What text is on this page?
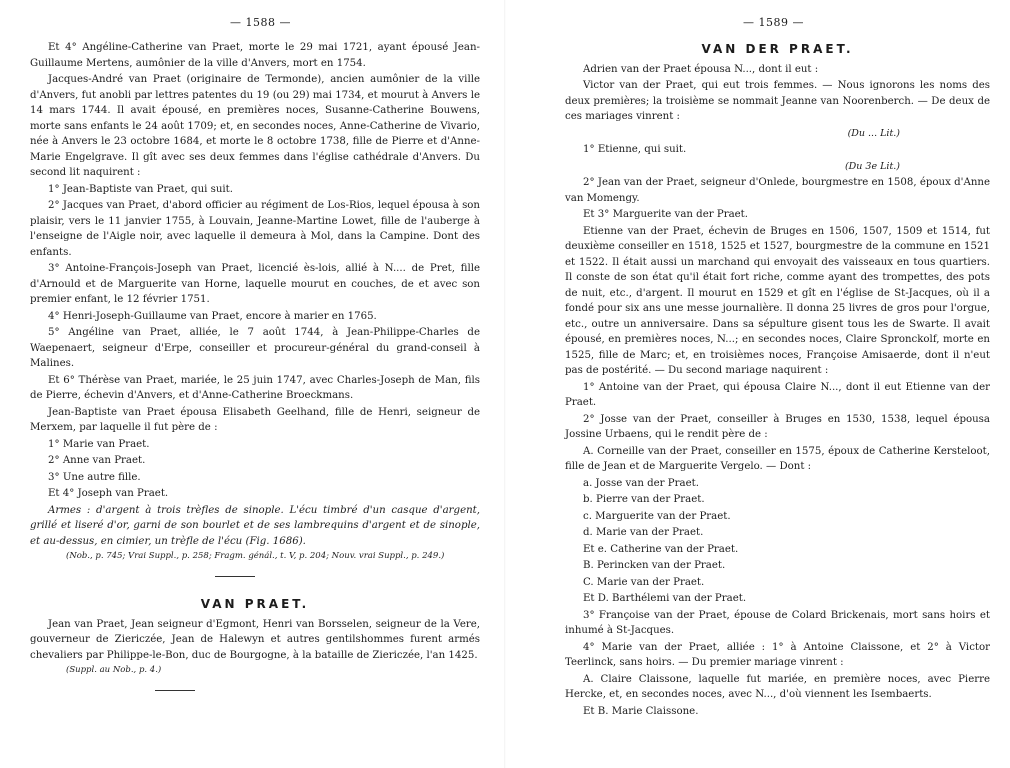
— 1588 —

Et 4° Angéline-Catherine van Praet, morte le 29 mai 1721, ayant épousé Jean-Guillaume Mertens, aumônier de la ville d'Anvers, mort en 1754.

Jacques-André van Praet (originaire de Termonde), ancien aumônier de la ville d'Anvers, fut anobli par lettres patentes du 19 (ou 29) mai 1734, et mourut à Anvers le 14 mars 1744. Il avait épousé, en premières noces, Susanne-Catherine Bouwens, morte sans enfants le 24 août 1709; et, en secondes noces, Anne-Catherine de Vivario, née à Anvers le 23 octobre 1684, et morte le 8 octobre 1738, fille de Pierre et d'Anne-Marie Engelgrave. Il gît avec ses deux femmes dans l'église cathédrale d'Anvers. Du second lit naquirent :

1° Jean-Baptiste van Praet, qui suit.

2° Jacques van Praet, d'abord officier au régiment de Los-Rios, lequel épousa à son plaisir, vers le 11 janvier 1755, à Louvain, Jeanne-Martine Lowet, fille de l'auberge à l'enseigne de l'Aigle noir, avec laquelle il demeura à Mol, dans la Campine. Dont des enfants.

3° Antoine-François-Joseph van Praet, licencié ès-lois, allié à N.... de Pret, fille d'Arnould et de Marguerite van Horne, laquelle mourut en couches, de et avec son premier enfant, le 12 février 1751.

4° Henri-Joseph-Guillaume van Praet, encore à marier en 1765.

5° Angéline van Praet, alliée, le 7 août 1744, à Jean-Philippe-Charles de Waepenaert, seigneur d'Erpe, conseiller et procureur-général du grand-conseil à Malines.

Et 6° Thérèse van Praet, mariée, le 25 juin 1747, avec Charles-Joseph de Man, fils de Pierre, échevin d'Anvers, et d'Anne-Catherine Broeckmans.

Jean-Baptiste van Praet épousa Elisabeth Geelhand, fille de Henri, seigneur de Merxem, par laquelle il fut père de :

1° Marie van Praet.

2° Anne van Praet.

3° Une autre fille.

Et 4° Joseph van Praet.

Armes : d'argent à trois trèfles de sinople. L'écu timbré d'un casque d'argent, grillé et liseré d'or, garni de son bourlet et de ses lambrequins d'argent et de sinople, et au-dessus, en cimier, un trèfle de l'écu (Fig. 1686).

(Nob., p. 745; Vrai Suppl., p. 258; Fragm. génál., t. V, p. 204; Nouv. vrai Suppl., p. 249.)

VAN PRAET.

Jean van Praet, Jean seigneur d'Egmont, Henri van Borsselen, seigneur de la Vere, gouverneur de Ziericzée, Jean de Halewyn et autres gentilshommes furent armés chevaliers par Philippe-le-Bon, duc de Bourgogne, à la bataille de Ziericzée, l'an 1425.

(Suppl. au Nob., p. 4.)

— 1589 —
VAN DER PRAET.

Adrien van der Praet épousa N..., dont il eut :

Victor van der Praet, qui eut trois femmes. — Nous ignorons les noms des deux premières; la troisième se nommait Jeanne van Noorenberch. — De deux de ces mariages vinrent :

(Du ... Lit.)

1° Etienne, qui suit.

(Du 3e Lit.)

2° Jean van der Praet, seigneur d'Onlede, bourgmestre en 1508, époux d'Anne van Momengy.

Et 3° Marguerite van der Praet.

Etienne van der Praet, échevin de Bruges en 1506, 1507, 1509 et 1514, fut deuxième conseiller en 1518, 1525 et 1527, bourgmestre de la commune en 1521 et 1522. Il était aussi un marchand qui envoyait des vaisseaux en tous quartiers. Il conste de son état qu'il était fort riche, comme ayant des trompettes, des pots de nuit, etc., d'argent. Il mourut en 1529 et gît en l'église de St-Jacques, où il a fondé pour six ans une messe journalière. Il donna 25 livres de gros pour l'orgue, etc., outre un anniversaire. Dans sa sépulture gisent tous les de Swarte. Il avait épousé, en premières noces, N...; en secondes noces, Claire Spronckolf, morte en 1525, fille de Marc; et, en troisièmes noces, Françoise Amisaerde, dont il n'eut pas de postérité. — Du second mariage naquirent :

1° Antoine van der Praet, qui épousa Claire N..., dont il eut Etienne van der Praet.

2° Josse van der Praet, conseiller à Bruges en 1530, 1538, lequel épousa Jossine Urbaens, qui le rendit père de :

A. Corneille van der Praet, conseiller en 1575, époux de Catherine Kersteloot, fille de Jean et de Marguerite Vergelo. — Dont :

a. Josse van der Praet.

b. Pierre van der Praet.

c. Marguerite van der Praet.

d. Marie van der Praet.

Et e. Catherine van der Praet.

B. Perincken van der Praet.

C. Marie van der Praet.

Et D. Barthélemi van der Praet.

3° Françoise van der Praet, épouse de Colard Brickenais, mort sans hoirs et inhumé à St-Jacques.

4° Marie van der Praet, alliée : 1° à Antoine Claissone, et 2° à Victor Teerlinck, sans hoirs. — Du premier mariage vinrent :

A. Claire Claissone, laquelle fut mariée, en première noces, avec Pierre Hercke, et, en secondes noces, avec N..., d'où viennent les Isembaerts.

Et B. Marie Claissone.
